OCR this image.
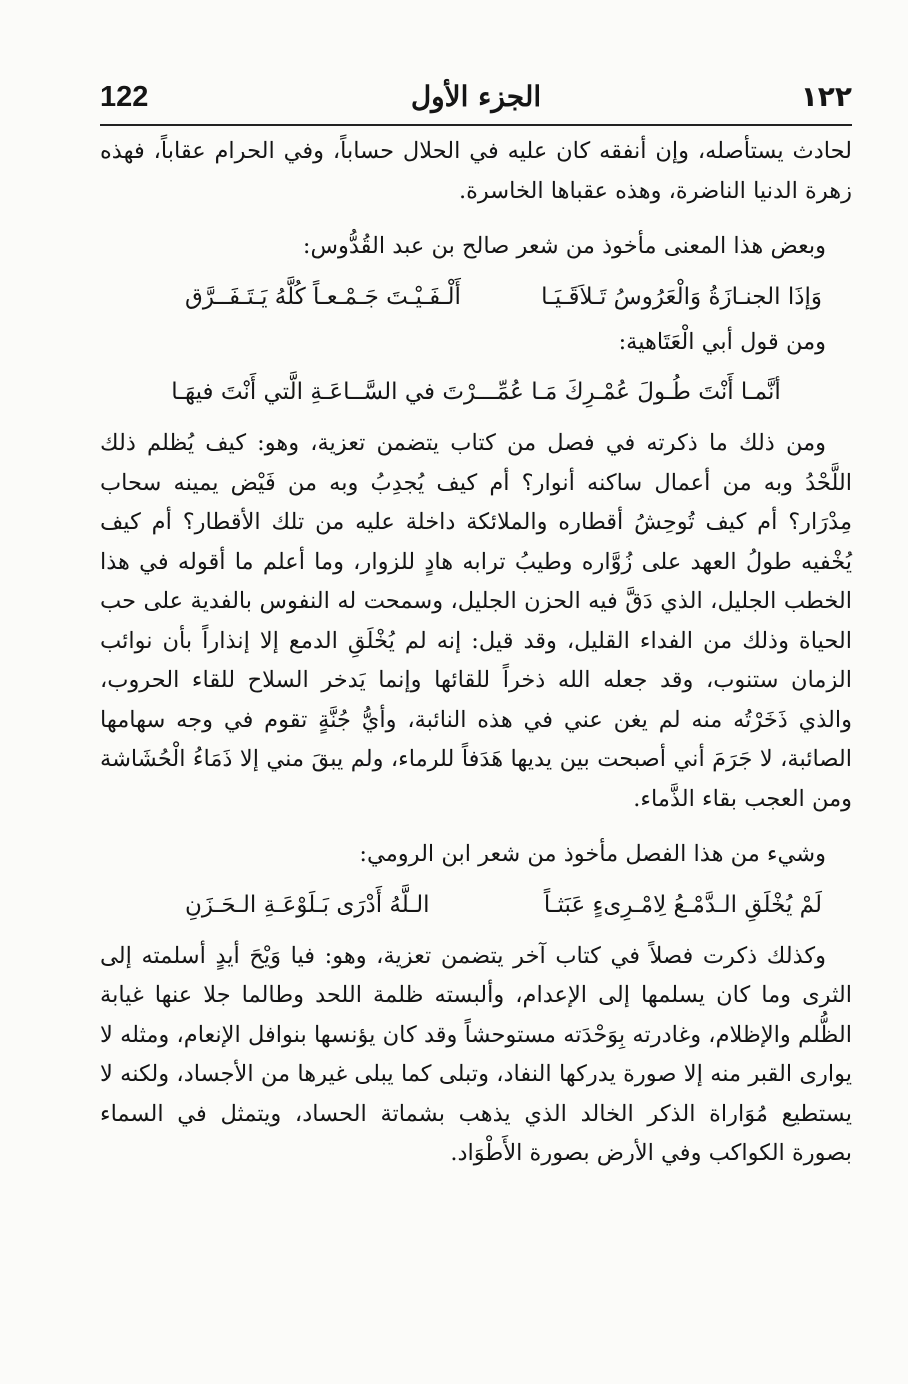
١٢٢
الجزء الأول
122

لحادث يستأصله، وإن أنفقه كان عليه في الحلال حساباً، وفي الحرام عقاباً، فهذه زهرة الدنيا الناضرة، وهذه عقباها الخاسرة.

وبعض هذا المعنى مأخوذ من شعر صالح بن عبد القُدُّوس:

وَإذَا الجنـازَةُ وَالْعَرُوسُ تَـلاَقَـيَـا
أَلْـفَـيْـتَ جَـمْـعـاً كُلَّهُ يَـتَـفَــرَّق

ومن قول أبي الْعَتَاهية:

أنَّمـا أَنْتَ طُـولَ عُمْـرِكَ مَـا عُمِّـــرْتَ في السَّــاعَـةِ الَّتي أَنْتَ فيهَـا

ومن ذلك ما ذكرته في فصل من كتاب يتضمن تعزية، وهو: كيف يُظلم ذلك اللَّحْدُ وبه من أعمال ساكنه أنوار؟ أم كيف يُجدِبُ وبه من فَيْض يمينه سحاب مِدْرَار؟ أم كيف تُوحِشُ أقطاره والملائكة داخلة عليه من تلك الأقطار؟ أم كيف يُخْفيه طولُ العهد على زُوَّاره وطيبُ ترابه هادٍ للزوار، وما أعلم ما أقوله في هذا الخطب الجليل، الذي دَقَّ فيه الحزن الجليل، وسمحت له النفوس بالفدية على حب الحياة وذلك من الفداء القليل، وقد قيل: إنه لم يُخْلَقِ الدمع إلا إنذاراً بأن نوائب الزمان ستنوب، وقد جعله الله ذخراً للقائها وإنما يَدخر السلاح للقاء الحروب، والذي ذَخَرْتُه منه لم يغن عني في هذه النائبة، وأيُّ جُنَّةٍ تقوم في وجه سهامها الصائبة، لا جَرَمَ أني أصبحت بين يديها هَدَفاً للرماء، ولم يبقَ مني إلا ذَمَاءُ الْحُشَاشة ومن العجب بقاء الذَّماء.

وشيء من هذا الفصل مأخوذ من شعر ابن الرومي:

لَمْ يُخْلَقِ الـدَّمْـعُ لِامْـرِىءٍ عَبَثـاً
الـلَّهُ أَدْرَى بَـلَوْعَـةِ الـحَـزَنِ

وكذلك ذكرت فصلاً في كتاب آخر يتضمن تعزية، وهو: فيا وَيْحَ أيدٍ أسلمته إلى الثرى وما كان يسلمها إلى الإعدام، وألبسته ظلمة اللحد وطالما جلا عنها غيابة الظُّلم والإظلام، وغادرته بِوَحْدَته مستوحشاً وقد كان يؤنسها بنوافل الإنعام، ومثله لا يوارى القبر منه إلا صورة يدركها النفاد، وتبلى كما يبلى غيرها من الأجساد، ولكنه لا يستطيع مُوَاراة الذكر الخالد الذي يذهب بشماتة الحساد، ويتمثل في السماء بصورة الكواكب وفي الأرض بصورة الأَطْوَاد.
